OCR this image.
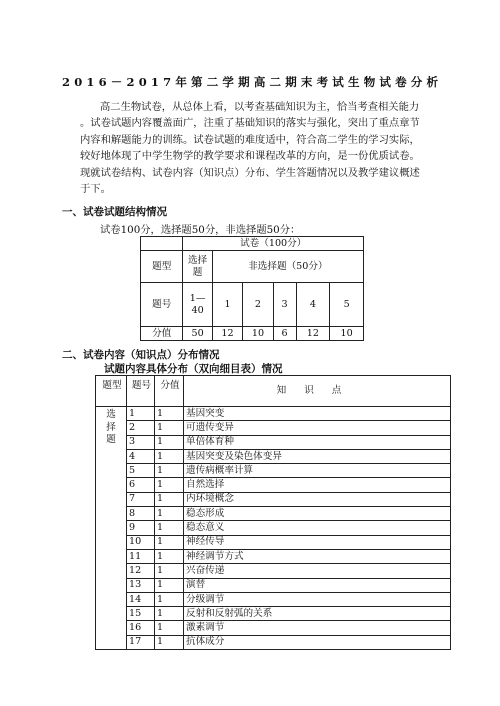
2016－2017年第二学期高二期末考试生物试卷分析
高二生物试卷，从总体上看，以考查基础知识为主，恰当考查相关能力
。试卷试题内容覆盖面广，注重了基础知识的落实与强化，突出了重点章节
内容和解题能力的训练。试卷试题的难度适中，符合高二学生的学习实际，
较好地体现了中学生物学的教学要求和课程改革的方向，是一份优质试卷。
现就试卷结构、试卷内容（知识点）分布、学生答题情况以及教学建议概述
于下。
一、试卷试题结构情况
试卷100分，选择题50分，非选择题50分：
	试卷（100分）					
题型	选择题	非选择题（50分）				
题号	1—40	1	2	3	4	5
分值	50	12	10	6	12	10
二、试卷内容（知识点）分布情况
试题内容具体分布（双向细目表）情况
题型	题号	分值	知识点
选择题	1	1	基因突变
	2	1	可遗传变异
	3	1	单倍体育种
	4	1	基因突变及染色体变异
	5	1	遗传病概率计算
	6	1	自然选择
	7	1	内环境概念
	8	1	稳态形成
	9	1	稳态意义
	10	1	神经传导
	11	1	神经调节方式
	12	1	兴奋传递
	13	1	演替
	14	1	分级调节
	15	1	反射和反射弧的关系
	16	1	激素调节
	17	1	抗体成分
